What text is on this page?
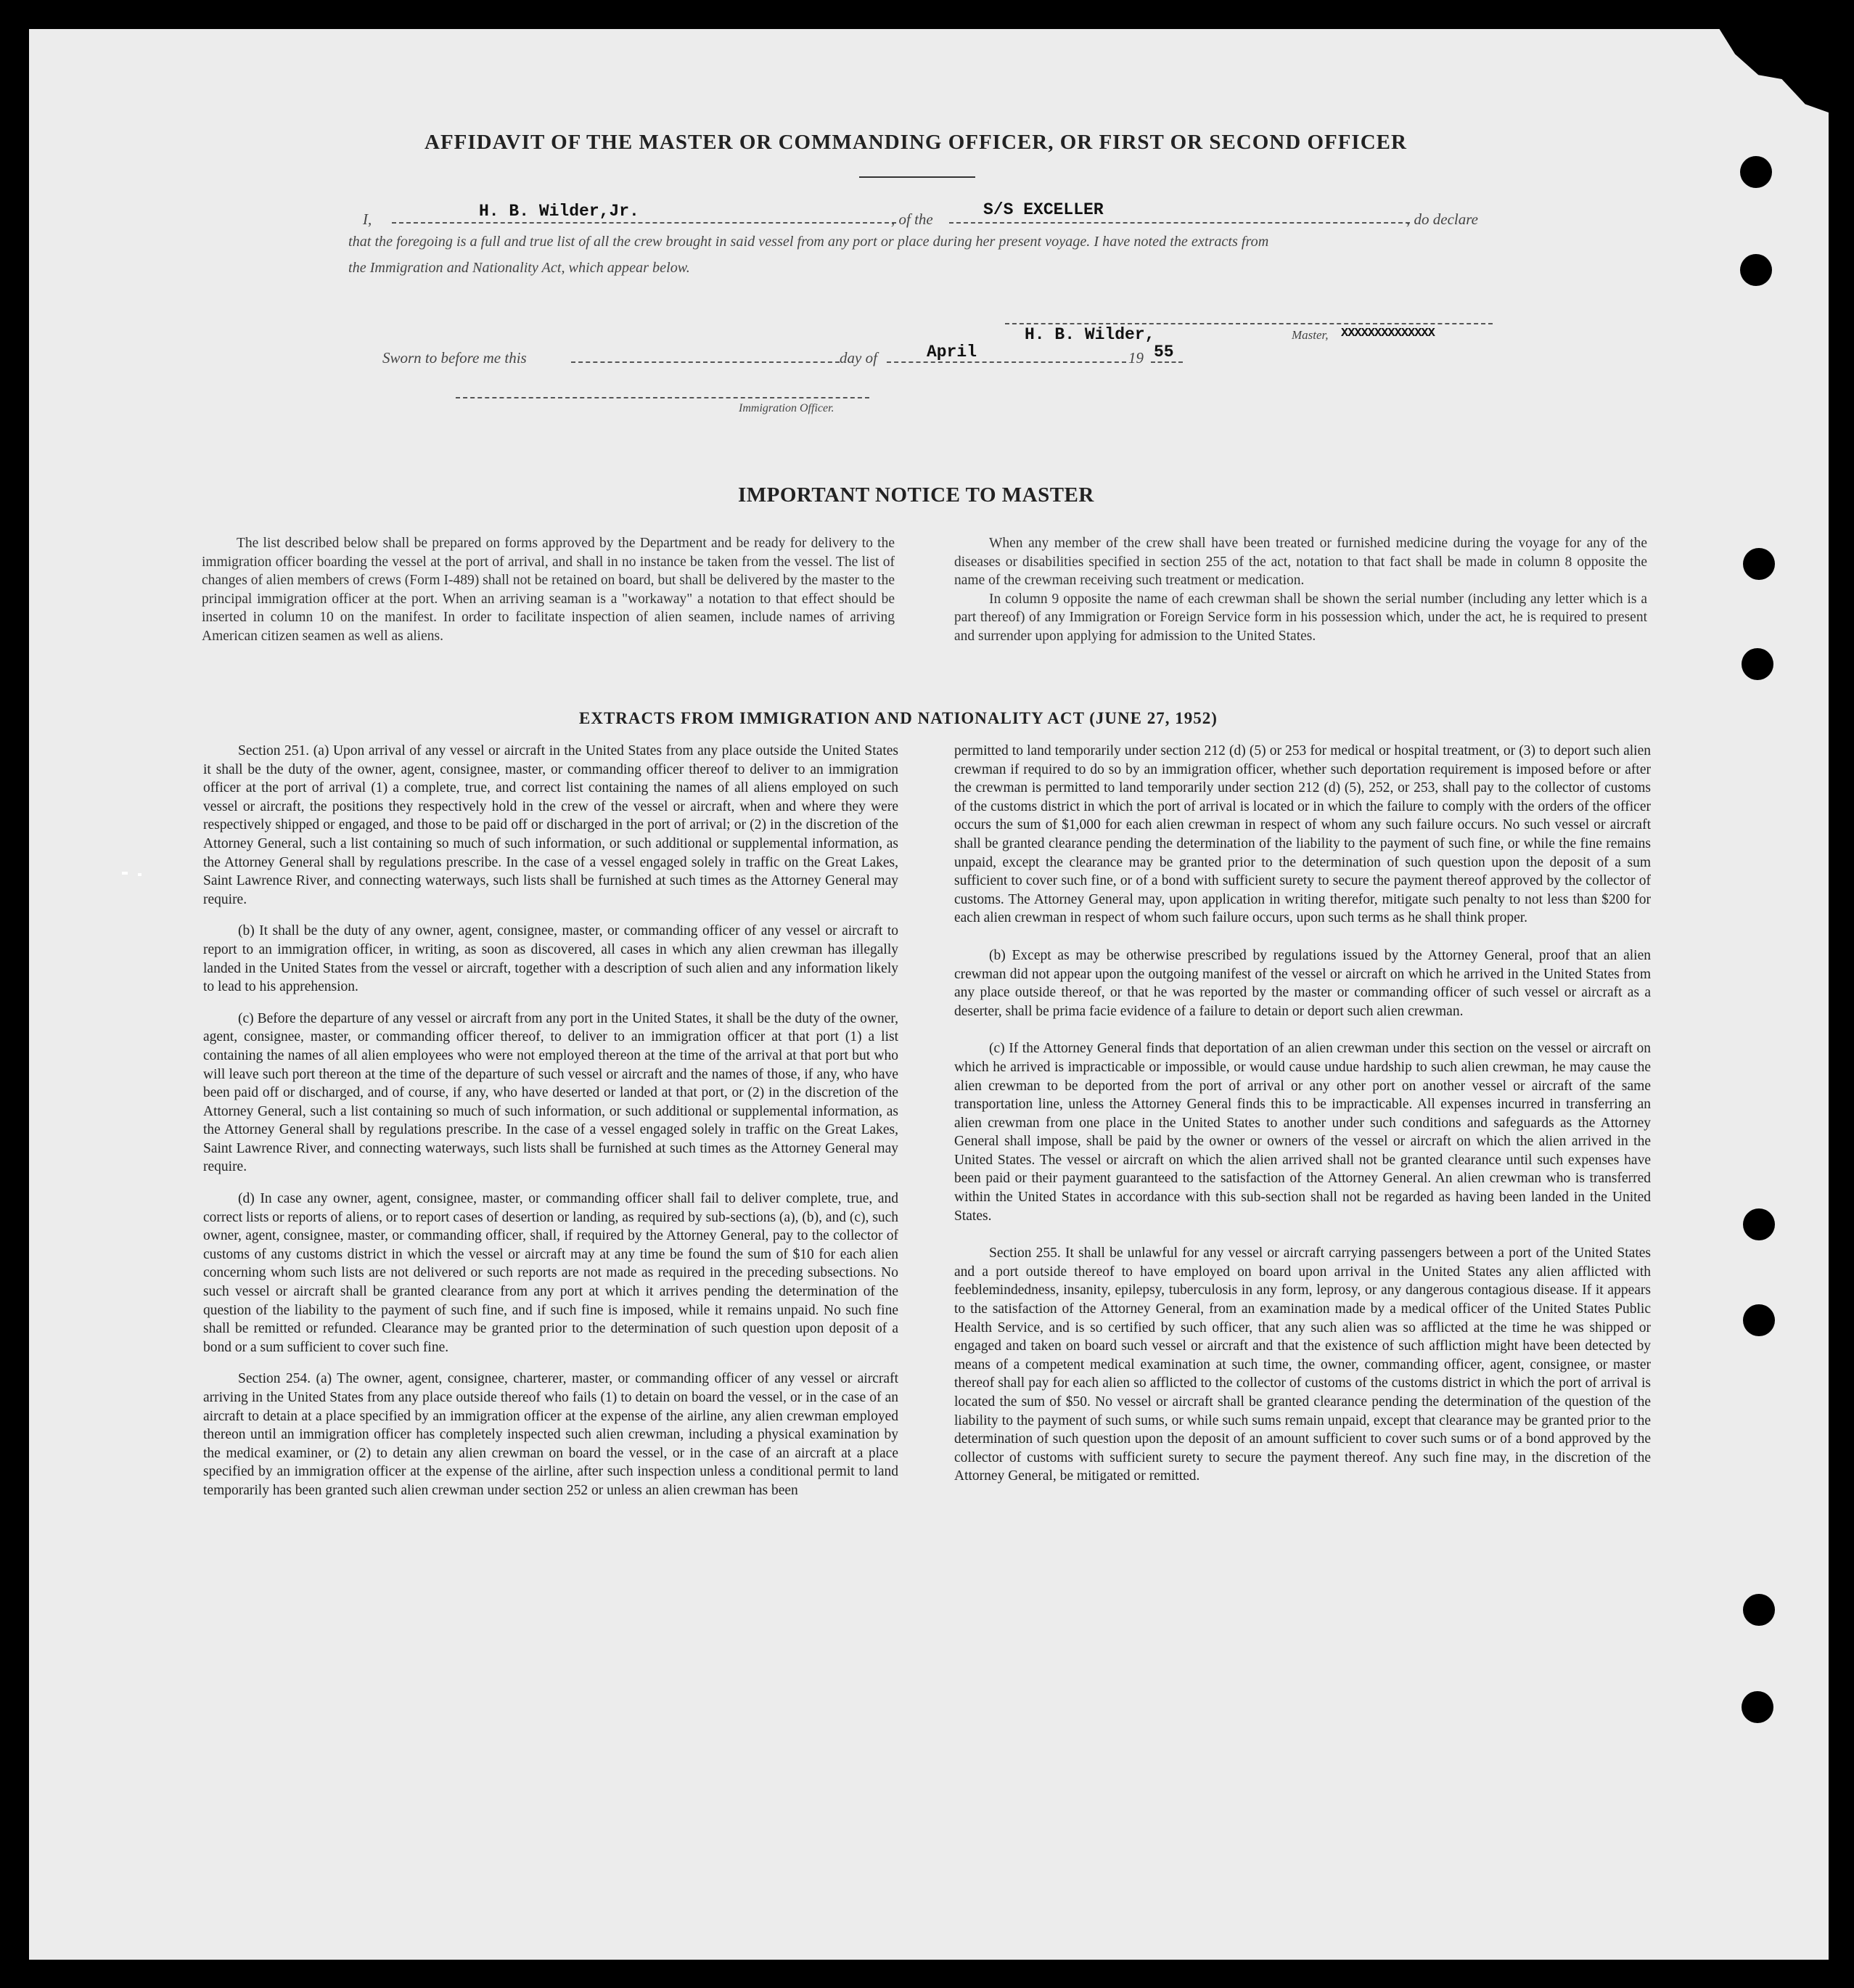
AFFIDAVIT OF THE MASTER OR COMMANDING OFFICER, OR FIRST OR SECOND OFFICER
I,	H. B. Wilder,Jr.	, of the	S/S EXCELLER	, do declare
that the foregoing is a full and true list of all the crew brought in said vessel from any port or place during her present voyage. I have noted the extracts from
the Immigration and Nationality Act, which appear below.
H. B. Wilder,	Master, XXXXXXXXXXXXXX
Sworn to before me this	day of	April	19 55
Immigration Officer.
IMPORTANT NOTICE TO MASTER

The list described below shall be prepared on forms approved by the Department and be ready for delivery to the immigration officer boarding the vessel at the port of arrival, and shall in no instance be taken from the vessel. The list of changes of alien members of crews (Form I-489) shall not be retained on board, but shall be delivered by the master to the principal immigration officer at the port. When an arriving seaman is a "workaway" a notation to that effect should be inserted in column 10 on the manifest. In order to facilitate inspection of alien seamen, include names of arriving American citizen seamen as well as aliens.

When any member of the crew shall have been treated or furnished medicine during the voyage for any of the diseases or disabilities specified in section 255 of the act, notation to that fact shall be made in column 8 opposite the name of the crewman receiving such treatment or medication.

In column 9 opposite the name of each crewman shall be shown the serial number (including any letter which is a part thereof) of any Immigration or Foreign Service form in his possession which, under the act, he is required to present and surrender upon applying for admission to the United States.

EXTRACTS FROM IMMIGRATION AND NATIONALITY ACT (JUNE 27, 1952)

Section 251. (a) Upon arrival of any vessel or aircraft in the United States from any place outside the United States it shall be the duty of the owner, agent, consignee, master, or commanding officer thereof to deliver to an immigration officer at the port of arrival (1) a complete, true, and correct list containing the names of all aliens employed on such vessel or aircraft, the positions they respectively hold in the crew of the vessel or aircraft, when and where they were respectively shipped or engaged, and those to be paid off or discharged in the port of arrival; or (2) in the discretion of the Attorney General, such a list containing so much of such information, or such additional or supplemental information, as the Attorney General shall by regulations prescribe. In the case of a vessel engaged solely in traffic on the Great Lakes, Saint Lawrence River, and connecting waterways, such lists shall be furnished at such times as the Attorney General may require.

(b) It shall be the duty of any owner, agent, consignee, master, or commanding officer of any vessel or aircraft to report to an immigration officer, in writing, as soon as discovered, all cases in which any alien crewman has illegally landed in the United States from the vessel or aircraft, together with a description of such alien and any information likely to lead to his apprehension.

(c) Before the departure of any vessel or aircraft from any port in the United States, it shall be the duty of the owner, agent, consignee, master, or commanding officer thereof, to deliver to an immigration officer at that port (1) a list containing the names of all alien employees who were not employed thereon at the time of the arrival at that port but who will leave such port thereon at the time of the departure of such vessel or aircraft and the names of those, if any, who have been paid off or discharged, and of course, if any, who have deserted or landed at that port, or (2) in the discretion of the Attorney General, such a list containing so much of such information, or such additional or supplemental information, as the Attorney General shall by regulations prescribe. In the case of a vessel engaged solely in traffic on the Great Lakes, Saint Lawrence River, and connecting waterways, such lists shall be furnished at such times as the Attorney General may require.

(d) In case any owner, agent, consignee, master, or commanding officer shall fail to deliver complete, true, and correct lists or reports of aliens, or to report cases of desertion or landing, as required by sub-sections (a), (b), and (c), such owner, agent, consignee, master, or commanding officer, shall, if required by the Attorney General, pay to the collector of customs of any customs district in which the vessel or aircraft may at any time be found the sum of $10 for each alien concerning whom such lists are not delivered or such reports are not made as required in the preceding subsections. No such vessel or aircraft shall be granted clearance from any port at which it arrives pending the determination of the question of the liability to the payment of such fine, and if such fine is imposed, while it remains unpaid. No such fine shall be remitted or refunded. Clearance may be granted prior to the determination of such question upon deposit of a bond or a sum sufficient to cover such fine.

Section 254. (a) The owner, agent, consignee, charterer, master, or commanding officer of any vessel or aircraft arriving in the United States from any place outside thereof who fails (1) to detain on board the vessel, or in the case of an aircraft to detain at a place specified by an immigration officer at the expense of the airline, any alien crewman employed thereon until an immigration officer has completely inspected such alien crewman, including a physical examination by the medical examiner, or (2) to detain any alien crewman on board the vessel, or in the case of an aircraft at a place specified by an immigration officer at the expense of the airline, after such inspection unless a conditional permit to land temporarily has been granted such alien crewman under section 252 or unless an alien crewman has been

permitted to land temporarily under section 212 (d) (5) or 253 for medical or hospital treatment, or (3) to deport such alien crewman if required to do so by an immigration officer, whether such deportation requirement is imposed before or after the crewman is permitted to land temporarily under section 212 (d) (5), 252, or 253, shall pay to the collector of customs of the customs district in which the port of arrival is located or in which the failure to comply with the orders of the officer occurs the sum of $1,000 for each alien crewman in respect of whom any such failure occurs. No such vessel or aircraft shall be granted clearance pending the determination of the liability to the payment of such fine, or while the fine remains unpaid, except the clearance may be granted prior to the determination of such question upon the deposit of a sum sufficient to cover such fine, or of a bond with sufficient surety to secure the payment thereof approved by the collector of customs. The Attorney General may, upon application in writing therefor, mitigate such penalty to not less than $200 for each alien crewman in respect of whom such failure occurs, upon such terms as he shall think proper.

(b) Except as may be otherwise prescribed by regulations issued by the Attorney General, proof that an alien crewman did not appear upon the outgoing manifest of the vessel or aircraft on which he arrived in the United States from any place outside thereof, or that he was reported by the master or commanding officer of such vessel or aircraft as a deserter, shall be prima facie evidence of a failure to detain or deport such alien crewman.

(c) If the Attorney General finds that deportation of an alien crewman under this section on the vessel or aircraft on which he arrived is impracticable or impossible, or would cause undue hardship to such alien crewman, he may cause the alien crewman to be deported from the port of arrival or any other port on another vessel or aircraft of the same transportation line, unless the Attorney General finds this to be impracticable. All expenses incurred in transferring an alien crewman from one place in the United States to another under such conditions and safeguards as the Attorney General shall impose, shall be paid by the owner or owners of the vessel or aircraft on which the alien arrived in the United States. The vessel or aircraft on which the alien arrived shall not be granted clearance until such expenses have been paid or their payment guaranteed to the satisfaction of the Attorney General. An alien crewman who is transferred within the United States in accordance with this sub-section shall not be regarded as having been landed in the United States.

Section 255. It shall be unlawful for any vessel or aircraft carrying passengers between a port of the United States and a port outside thereof to have employed on board upon arrival in the United States any alien afflicted with feeblemindedness, insanity, epilepsy, tuberculosis in any form, leprosy, or any dangerous contagious disease. If it appears to the satisfaction of the Attorney General, from an examination made by a medical officer of the United States Public Health Service, and is so certified by such officer, that any such alien was so afflicted at the time he was shipped or engaged and taken on board such vessel or aircraft and that the existence of such affliction might have been detected by means of a competent medical examination at such time, the owner, commanding officer, agent, consignee, or master thereof shall pay for each alien so afflicted to the collector of customs of the customs district in which the port of arrival is located the sum of $50. No vessel or aircraft shall be granted clearance pending the determination of the question of the liability to the payment of such sums, or while such sums remain unpaid, except that clearance may be granted prior to the determination of such question upon the deposit of an amount sufficient to cover such sums or of a bond approved by the collector of customs with sufficient surety to secure the payment thereof. Any such fine may, in the discretion of the Attorney General, be mitigated or remitted.
